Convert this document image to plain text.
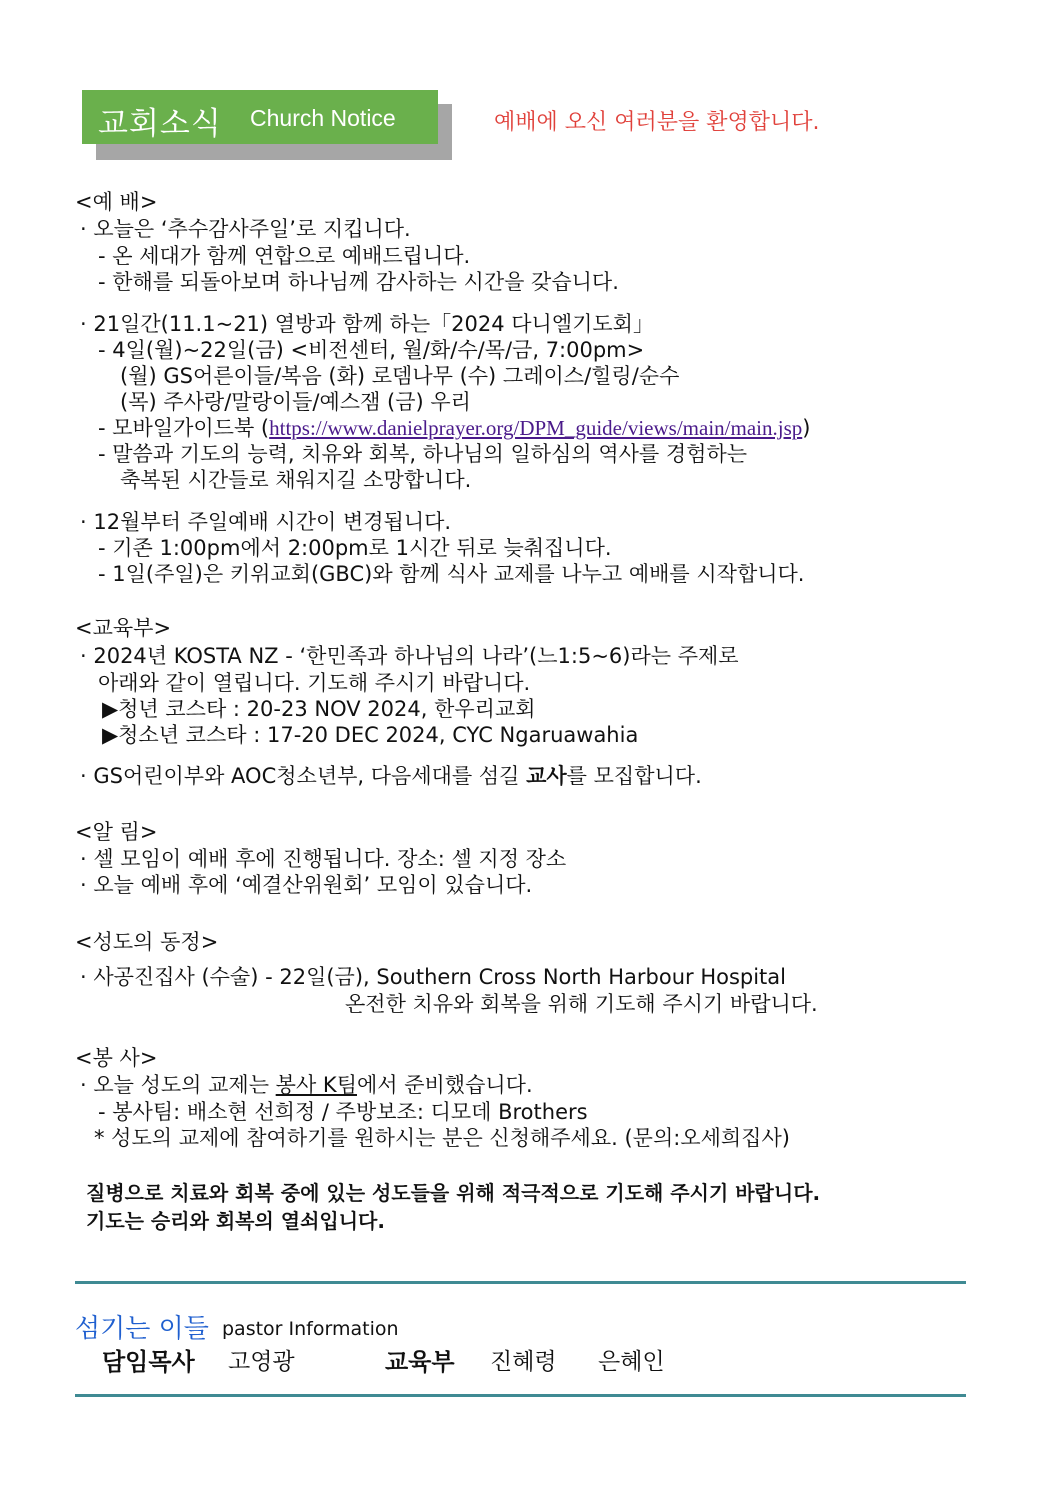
교회소식 Church Notice	예배에 오신 여러분을 환영합니다.
<예 배>
· 오늘은 ‘추수감사주일’로 지킵니다.
- 온 세대가 함께 연합으로 예배드립니다.
- 한해를 되돌아보며 하나님께 감사하는 시간을 갖습니다.
· 21일간(11.1~21) 열방과 함께 하는「2024 다니엘기도회」
- 4일(월)~22일(금) <비전센터, 월/화/수/목/금, 7:00pm>
(월) GS어른이들/복음 (화) 로뎀나무 (수) 그레이스/힐링/순수
(목) 주사랑/말랑이들/예스잼 (금) 우리
- 모바일가이드북 (https://www.danielprayer.org/DPM_guide/views/main/main.jsp)
- 말씀과 기도의 능력, 치유와 회복, 하나님의 일하심의 역사를 경험하는
축복된 시간들로 채워지길 소망합니다.
· 12월부터 주일예배 시간이 변경됩니다.
- 기존 1:00pm에서 2:00pm로 1시간 뒤로 늦춰집니다.
- 1일(주일)은 키위교회(GBC)와 함께 식사 교제를 나누고 예배를 시작합니다.
<교육부>
· 2024년 KOSTA NZ - ‘한민족과 하나님의 나라’(느1:5~6)라는 주제로
아래와 같이 열립니다. 기도해 주시기 바랍니다.
▶청년 코스타 : 20-23 NOV 2024, 한우리교회
▶청소년 코스타 : 17-20 DEC 2024, CYC Ngaruawahia
· GS어린이부와 AOC청소년부, 다음세대를 섬길 교사를 모집합니다.
<알 림>
· 셀 모임이 예배 후에 진행됩니다. 장소: 셀 지정 장소
· 오늘 예배 후에 ‘예결산위원회’ 모임이 있습니다.
<성도의 동정>
· 사공진집사 (수술) - 22일(금), Southern Cross North Harbour Hospital
온전한 치유와 회복을 위해 기도해 주시기 바랍니다.
<봉 사>
· 오늘 성도의 교제는 봉사 K팀에서 준비했습니다.
- 봉사팀: 배소현 선희정 / 주방보조: 디모데 Brothers
* 성도의 교제에 참여하기를 원하시는 분은 신청해주세요. (문의:오세희집사)
질병으로 치료와 회복 중에 있는 성도들을 위해 적극적으로 기도해 주시기 바랍니다.
기도는 승리와 회복의 열쇠입니다.
섬기는 이들 pastor Information
담임목사 고영광	교육부 진혜령 은혜인
